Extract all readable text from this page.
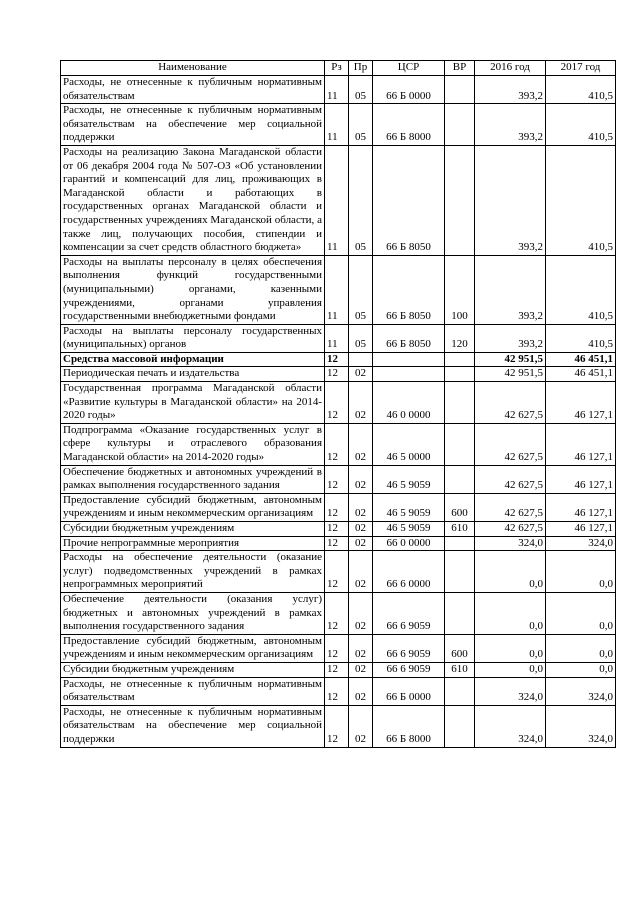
Наименование	Рз	Пр	ЦСР	ВР	2016 год	2017 год
Расходы, не отнесенные к публичным нормативным обязательствам	11	05	66 Б 0000		393,2	410,5
Расходы, не отнесенные к публичным нормативным обязательствам на обеспечение мер социальной поддержки	11	05	66 Б 8000		393,2	410,5
Расходы на реализацию Закона Магаданской области от 06 декабря 2004 года № 507-ОЗ «Об установлении гарантий и компенсаций для лиц, проживающих в Магаданской области и работающих в государственных органах Магаданской области и государственных учреждениях Магаданской области, а также лиц, получающих пособия, стипендии и компенсации за счет средств областного бюджета»	11	05	66 Б 8050		393,2	410,5
Расходы на выплаты персоналу в целях обеспечения выполнения функций государственными (муниципальными) органами, казенными учреждениями, органами управления государственными внебюджетными фондами	11	05	66 Б 8050	100	393,2	410,5
Расходы на выплаты персоналу государственных (муниципальных) органов	11	05	66 Б 8050	120	393,2	410,5
Средства массовой информации	12				42 951,5	46 451,1
Периодическая печать и издательства	12	02			42 951,5	46 451,1
Государственная программа Магаданской области «Развитие культуры в Магаданской области» на 2014-2020 годы»	12	02	46 0 0000		42 627,5	46 127,1
Подпрограмма «Оказание государственных услуг в сфере культуры и отраслевого образования Магаданской области» на 2014-2020 годы»	12	02	46 5 0000		42 627,5	46 127,1
Обеспечение бюджетных и автономных учреждений в рамках выполнения государственного задания	12	02	46 5 9059		42 627,5	46 127,1
Предоставление субсидий бюджетным, автономным учреждениям и иным некоммерческим организациям	12	02	46 5 9059	600	42 627,5	46 127,1
Субсидии бюджетным учреждениям	12	02	46 5 9059	610	42 627,5	46 127,1
Прочие непрограммные мероприятия	12	02	66 0 0000		324,0	324,0
Расходы на обеспечение деятельности (оказание услуг) подведомственных учреждений в рамках непрограммных мероприятий	12	02	66 6 0000		0,0	0,0
Обеспечение деятельности (оказания услуг) бюджетных и автономных учреждений в рамках выполнения государственного задания	12	02	66 6 9059		0,0	0,0
Предоставление субсидий бюджетным, автономным учреждениям и иным некоммерческим организациям	12	02	66 6 9059	600	0,0	0,0
Субсидии бюджетным учреждениям	12	02	66 6 9059	610	0,0	0,0
Расходы, не отнесенные к публичным нормативным обязательствам	12	02	66 Б 0000		324,0	324,0
Расходы, не отнесенные к публичным нормативным обязательствам на обеспечение мер социальной поддержки	12	02	66 Б 8000		324,0	324,0
